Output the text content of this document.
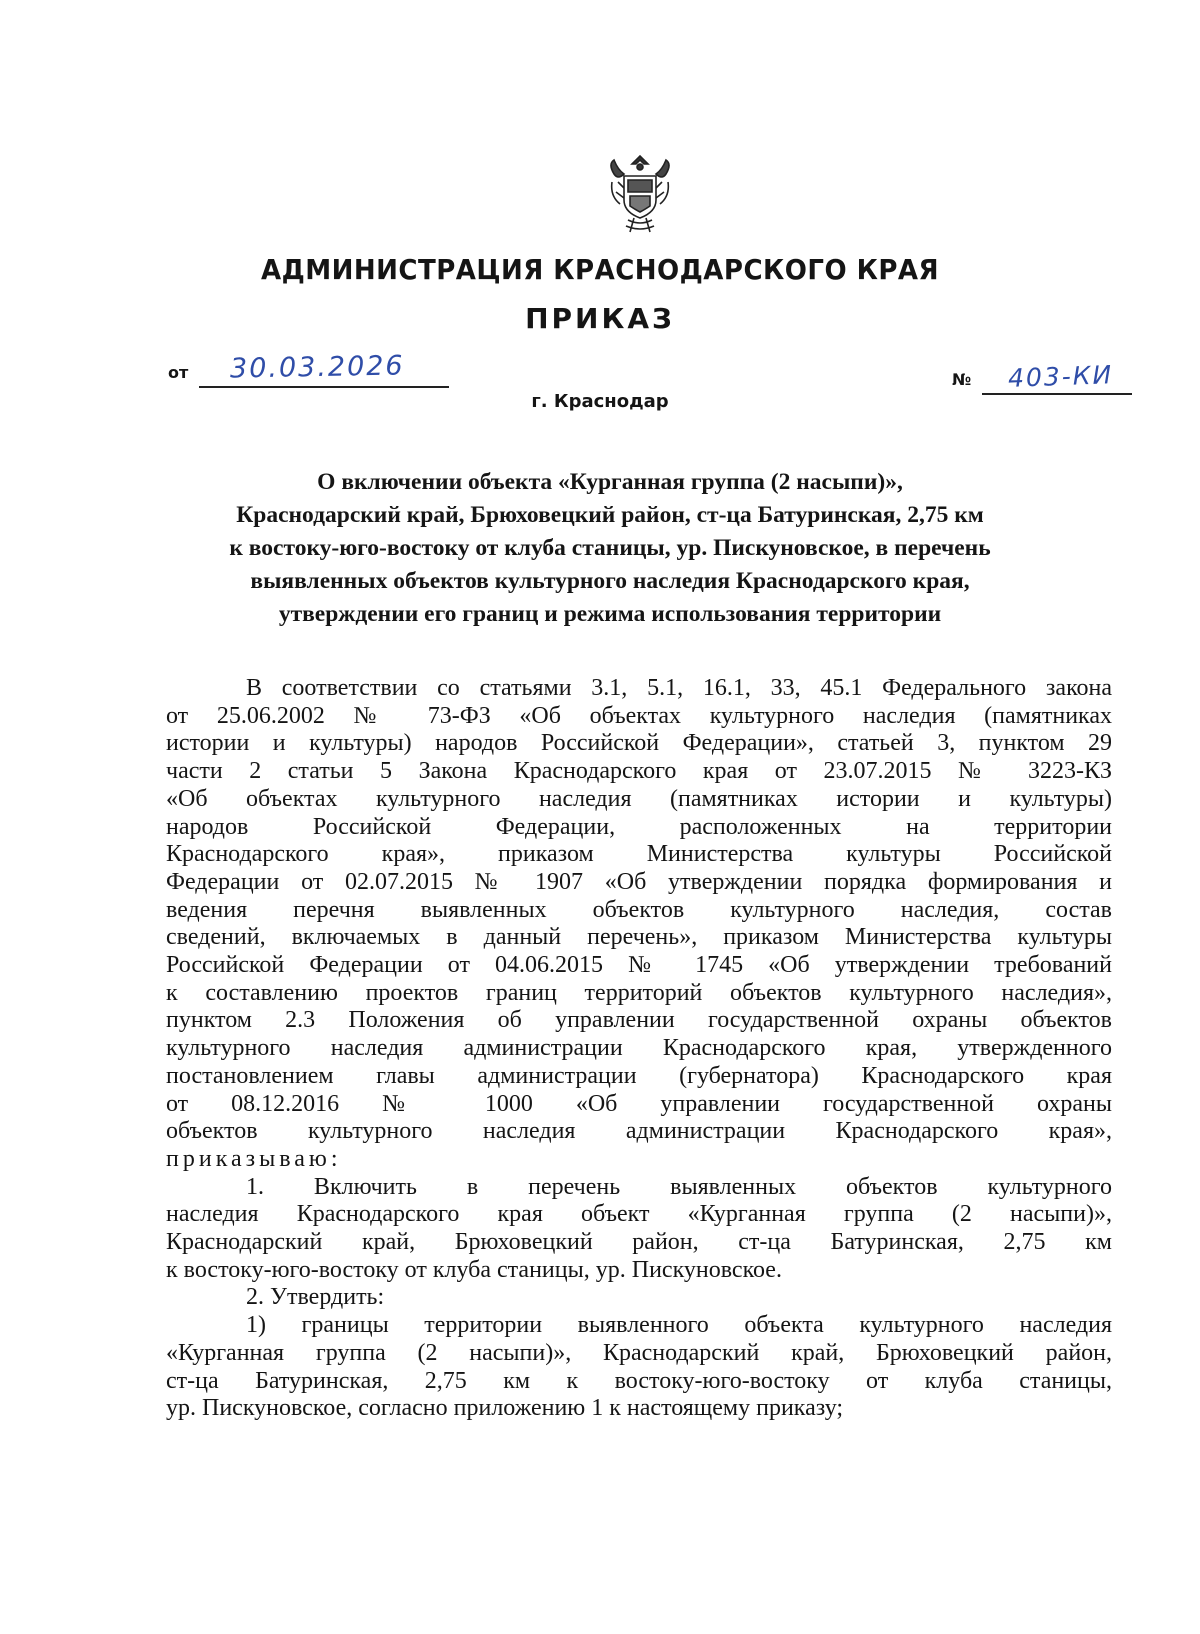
АДМИНИСТРАЦИЯ КРАСНОДАРСКОГО КРАЯ
ПРИКАЗ
от 30.03.2026
г. Краснодар
№ 403-КИ
О включении объекта «Курганная группа (2 насыпи)»,
Краснодарский край, Брюховецкий район, ст-ца Батуринская, 2,75 км
к востоку-юго-востоку от клуба станицы, ур. Пискуновское, в перечень
выявленных объектов культурного наследия Краснодарского края,
утверждении его границ и режима использования территории
В соответствии со статьями 3.1, 5.1, 16.1, 33, 45.1 Федерального закона
от 25.06.2002 № 73-ФЗ «Об объектах культурного наследия (памятниках
истории и культуры) народов Российской Федерации», статьей 3, пунктом 29
части 2 статьи 5 Закона Краснодарского края от 23.07.2015 № 3223-КЗ
«Об объектах культурного наследия (памятниках истории и культуры)
народов Российской Федерации, расположенных на территории
Краснодарского края», приказом Министерства культуры Российской
Федерации от 02.07.2015 № 1907 «Об утверждении порядка формирования и
ведения перечня выявленных объектов культурного наследия, состав
сведений, включаемых в данный перечень», приказом Министерства культуры
Российской Федерации от 04.06.2015 № 1745 «Об утверждении требований
к составлению проектов границ территорий объектов культурного наследия»,
пунктом 2.3 Положения об управлении государственной охраны объектов
культурного наследия администрации Краснодарского края, утвержденного
постановлением главы администрации (губернатора) Краснодарского края
от 08.12.2016 № 1000 «Об управлении государственной охраны
объектов культурного наследия администрации Краснодарского края»,
приказываю:
1. Включить в перечень выявленных объектов культурного
наследия Краснодарского края объект «Курганная группа (2 насыпи)»,
Краснодарский край, Брюховецкий район, ст-ца Батуринская, 2,75 км
к востоку-юго-востоку от клуба станицы, ур. Пискуновское.
2. Утвердить:
1) границы территории выявленного объекта культурного наследия
«Курганная группа (2 насыпи)», Краснодарский край, Брюховецкий район,
ст-ца Батуринская, 2,75 км к востоку-юго-востоку от клуба станицы,
ур. Пискуновское, согласно приложению 1 к настоящему приказу;
